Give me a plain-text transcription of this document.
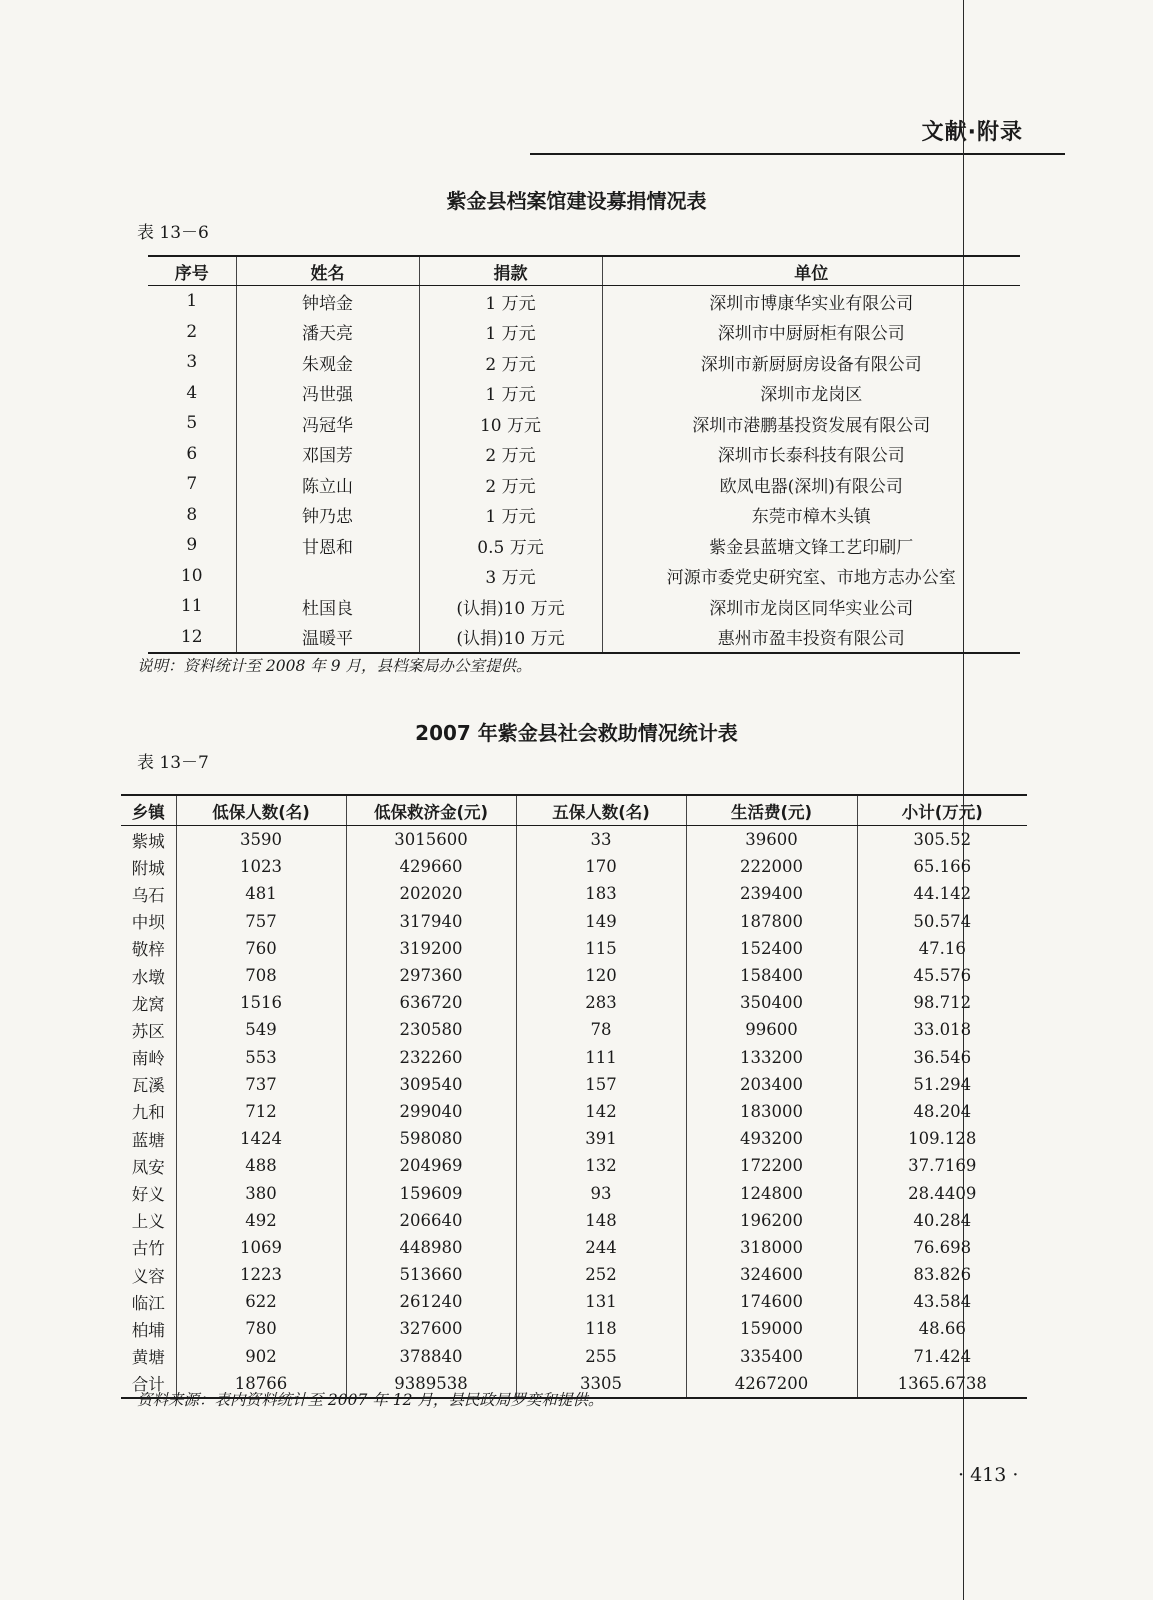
文献·附录
紫金县档案馆建设募捐情况表
表 13－6
序号	姓名	捐款	单位
1	钟培金	1 万元	深圳市博康华实业有限公司
2	潘天亮	1 万元	深圳市中厨厨柜有限公司
3	朱观金	2 万元	深圳市新厨厨房设备有限公司
4	冯世强	1 万元	深圳市龙岗区
5	冯冠华	10 万元	深圳市港鹏基投资发展有限公司
6	邓国芳	2 万元	深圳市长泰科技有限公司
7	陈立山	2 万元	欧凤电器(深圳)有限公司
8	钟乃忠	1 万元	东莞市樟木头镇
9	甘恩和	0.5 万元	紫金县蓝塘文锋工艺印刷厂
10		3 万元	河源市委党史研究室、市地方志办公室
11	杜国良	(认捐)10 万元	深圳市龙岗区同华实业公司
12	温暖平	(认捐)10 万元	惠州市盈丰投资有限公司
说明：资料统计至 2008 年 9 月，县档案局办公室提供。
2007 年紫金县社会救助情况统计表
表 13－7
乡镇	低保人数(名)	低保救济金(元)	五保人数(名)	生活费(元)	小计(万元)
紫城	3590	3015600	33	39600	305.52
附城	1023	429660	170	222000	65.166
乌石	481	202020	183	239400	44.142
中坝	757	317940	149	187800	50.574
敬梓	760	319200	115	152400	47.16
水墩	708	297360	120	158400	45.576
龙窝	1516	636720	283	350400	98.712
苏区	549	230580	78	99600	33.018
南岭	553	232260	111	133200	36.546
瓦溪	737	309540	157	203400	51.294
九和	712	299040	142	183000	48.204
蓝塘	1424	598080	391	493200	109.128
凤安	488	204969	132	172200	37.7169
好义	380	159609	93	124800	28.4409
上义	492	206640	148	196200	40.284
古竹	1069	448980	244	318000	76.698
义容	1223	513660	252	324600	83.826
临江	622	261240	131	174600	43.584
柏埔	780	327600	118	159000	48.66
黄塘	902	378840	255	335400	71.424
合计	18766	9389538	3305	4267200	1365.6738
资料来源：表内资料统计至 2007 年 12 月，县民政局罗奕和提供。
· 413 ·
